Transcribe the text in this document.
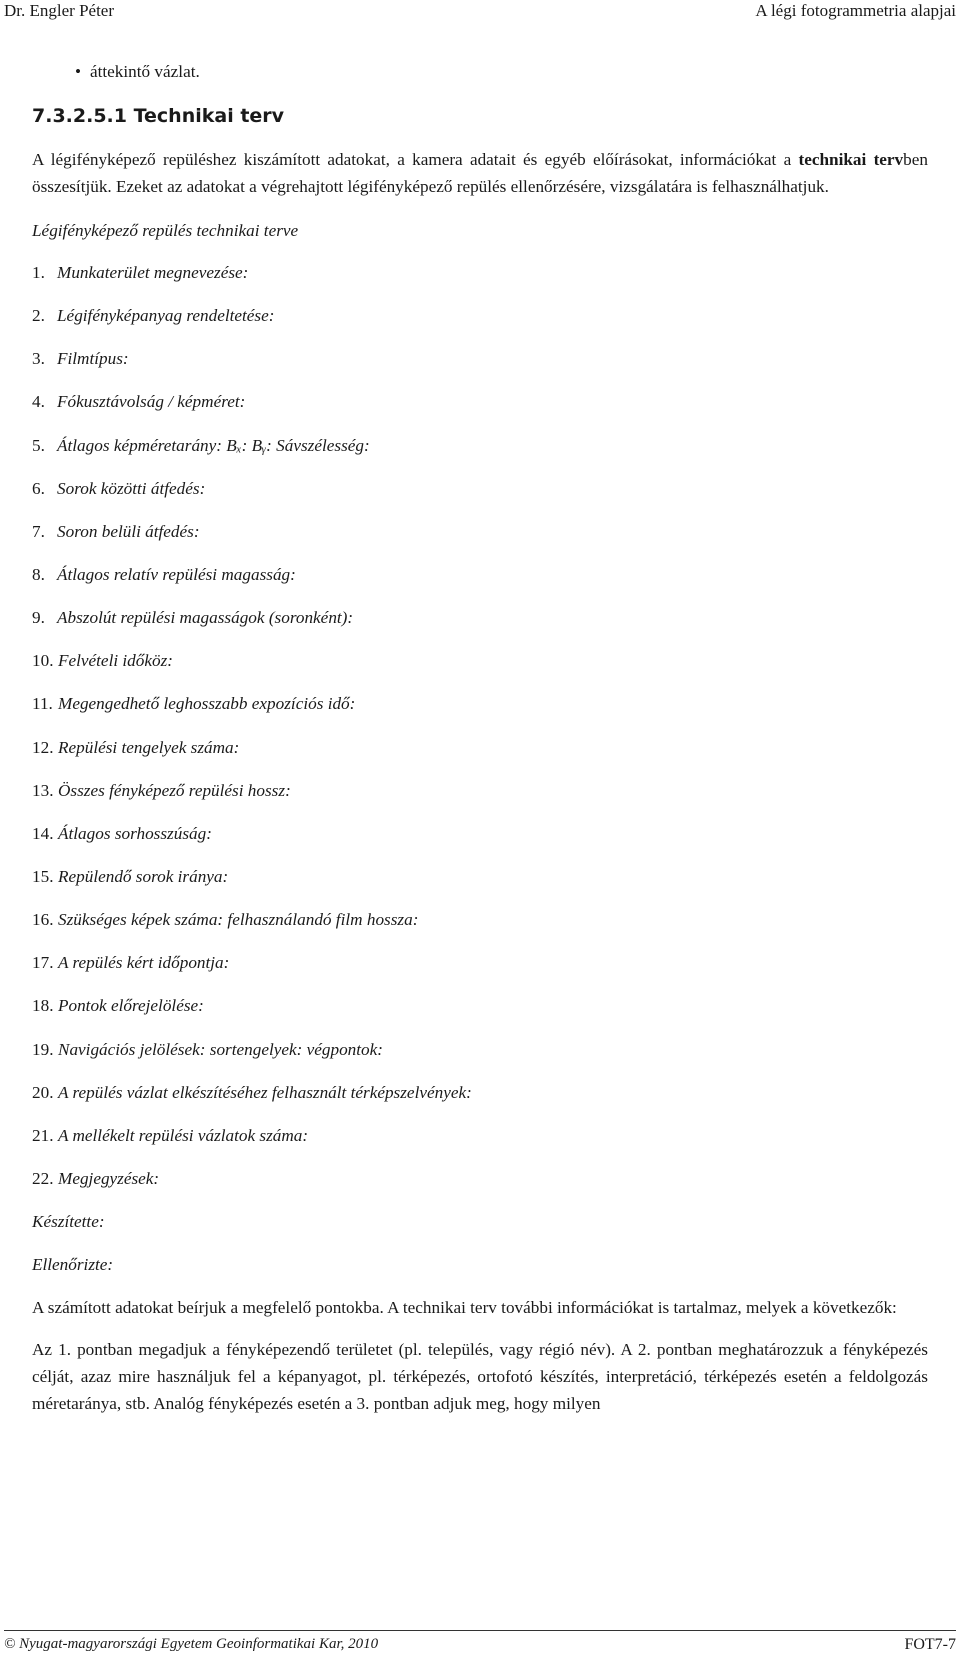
Dr. Engler Péter	A légi fotogrammetria alapjai
• áttekintő vázlat.
7.3.2.5.1 Technikai terv

A légifényképező repüléshez kiszámított adatokat, a kamera adatait és egyéb előírásokat, információkat a technikai tervben összesítjük. Ezeket az adatokat a végrehajtott légifényképező repülés ellenőrzésére, vizsgálatára is felhasználhatjuk.

Légifényképező repülés technikai terve
1. Munkaterület megnevezése:
2. Légifényképanyag rendeltetése:
3. Filmtípus:
4. Fókusztávolság / képméret:
5. Átlagos képméretarány: Bₓ: Bᵧ: Sávszélesség:
6. Sorok közötti átfedés:
7. Soron belüli átfedés:
8. Átlagos relatív repülési magasság:
9. Abszolút repülési magasságok (soronként):
10. Felvételi időköz:
11. Megengedhető leghosszabb expozíciós idő:
12. Repülési tengelyek száma:
13. Összes fényképező repülési hossz:
14. Átlagos sorhosszúság:
15. Repülendő sorok iránya:
16. Szükséges képek száma: felhasználandó film hossza:
17. A repülés kért időpontja:
18. Pontok előrejelölése:
19. Navigációs jelölések: sortengelyek: végpontok:
20. A repülés vázlat elkészítéséhez felhasznált térképszelvények:
21. A mellékelt repülési vázlatok száma:
22. Megjegyzések:
Készítette:
Ellenőrizte:

A számított adatokat beírjuk a megfelelő pontokba. A technikai terv további információkat is tartalmaz, melyek a következők:

Az 1. pontban megadjuk a fényképezendő területet (pl. település, vagy régió név). A 2. pontban meghatározzuk a fényképezés célját, azaz mire használjuk fel a képanyagot, pl. térképezés, ortofotó készítés, interpretáció, térképezés esetén a feldolgozás méretaránya, stb. Analóg fényképezés esetén a 3. pontban adjuk meg, hogy milyen

© Nyugat-magyarországi Egyetem Geoinformatikai Kar, 2010	FOT7-7
